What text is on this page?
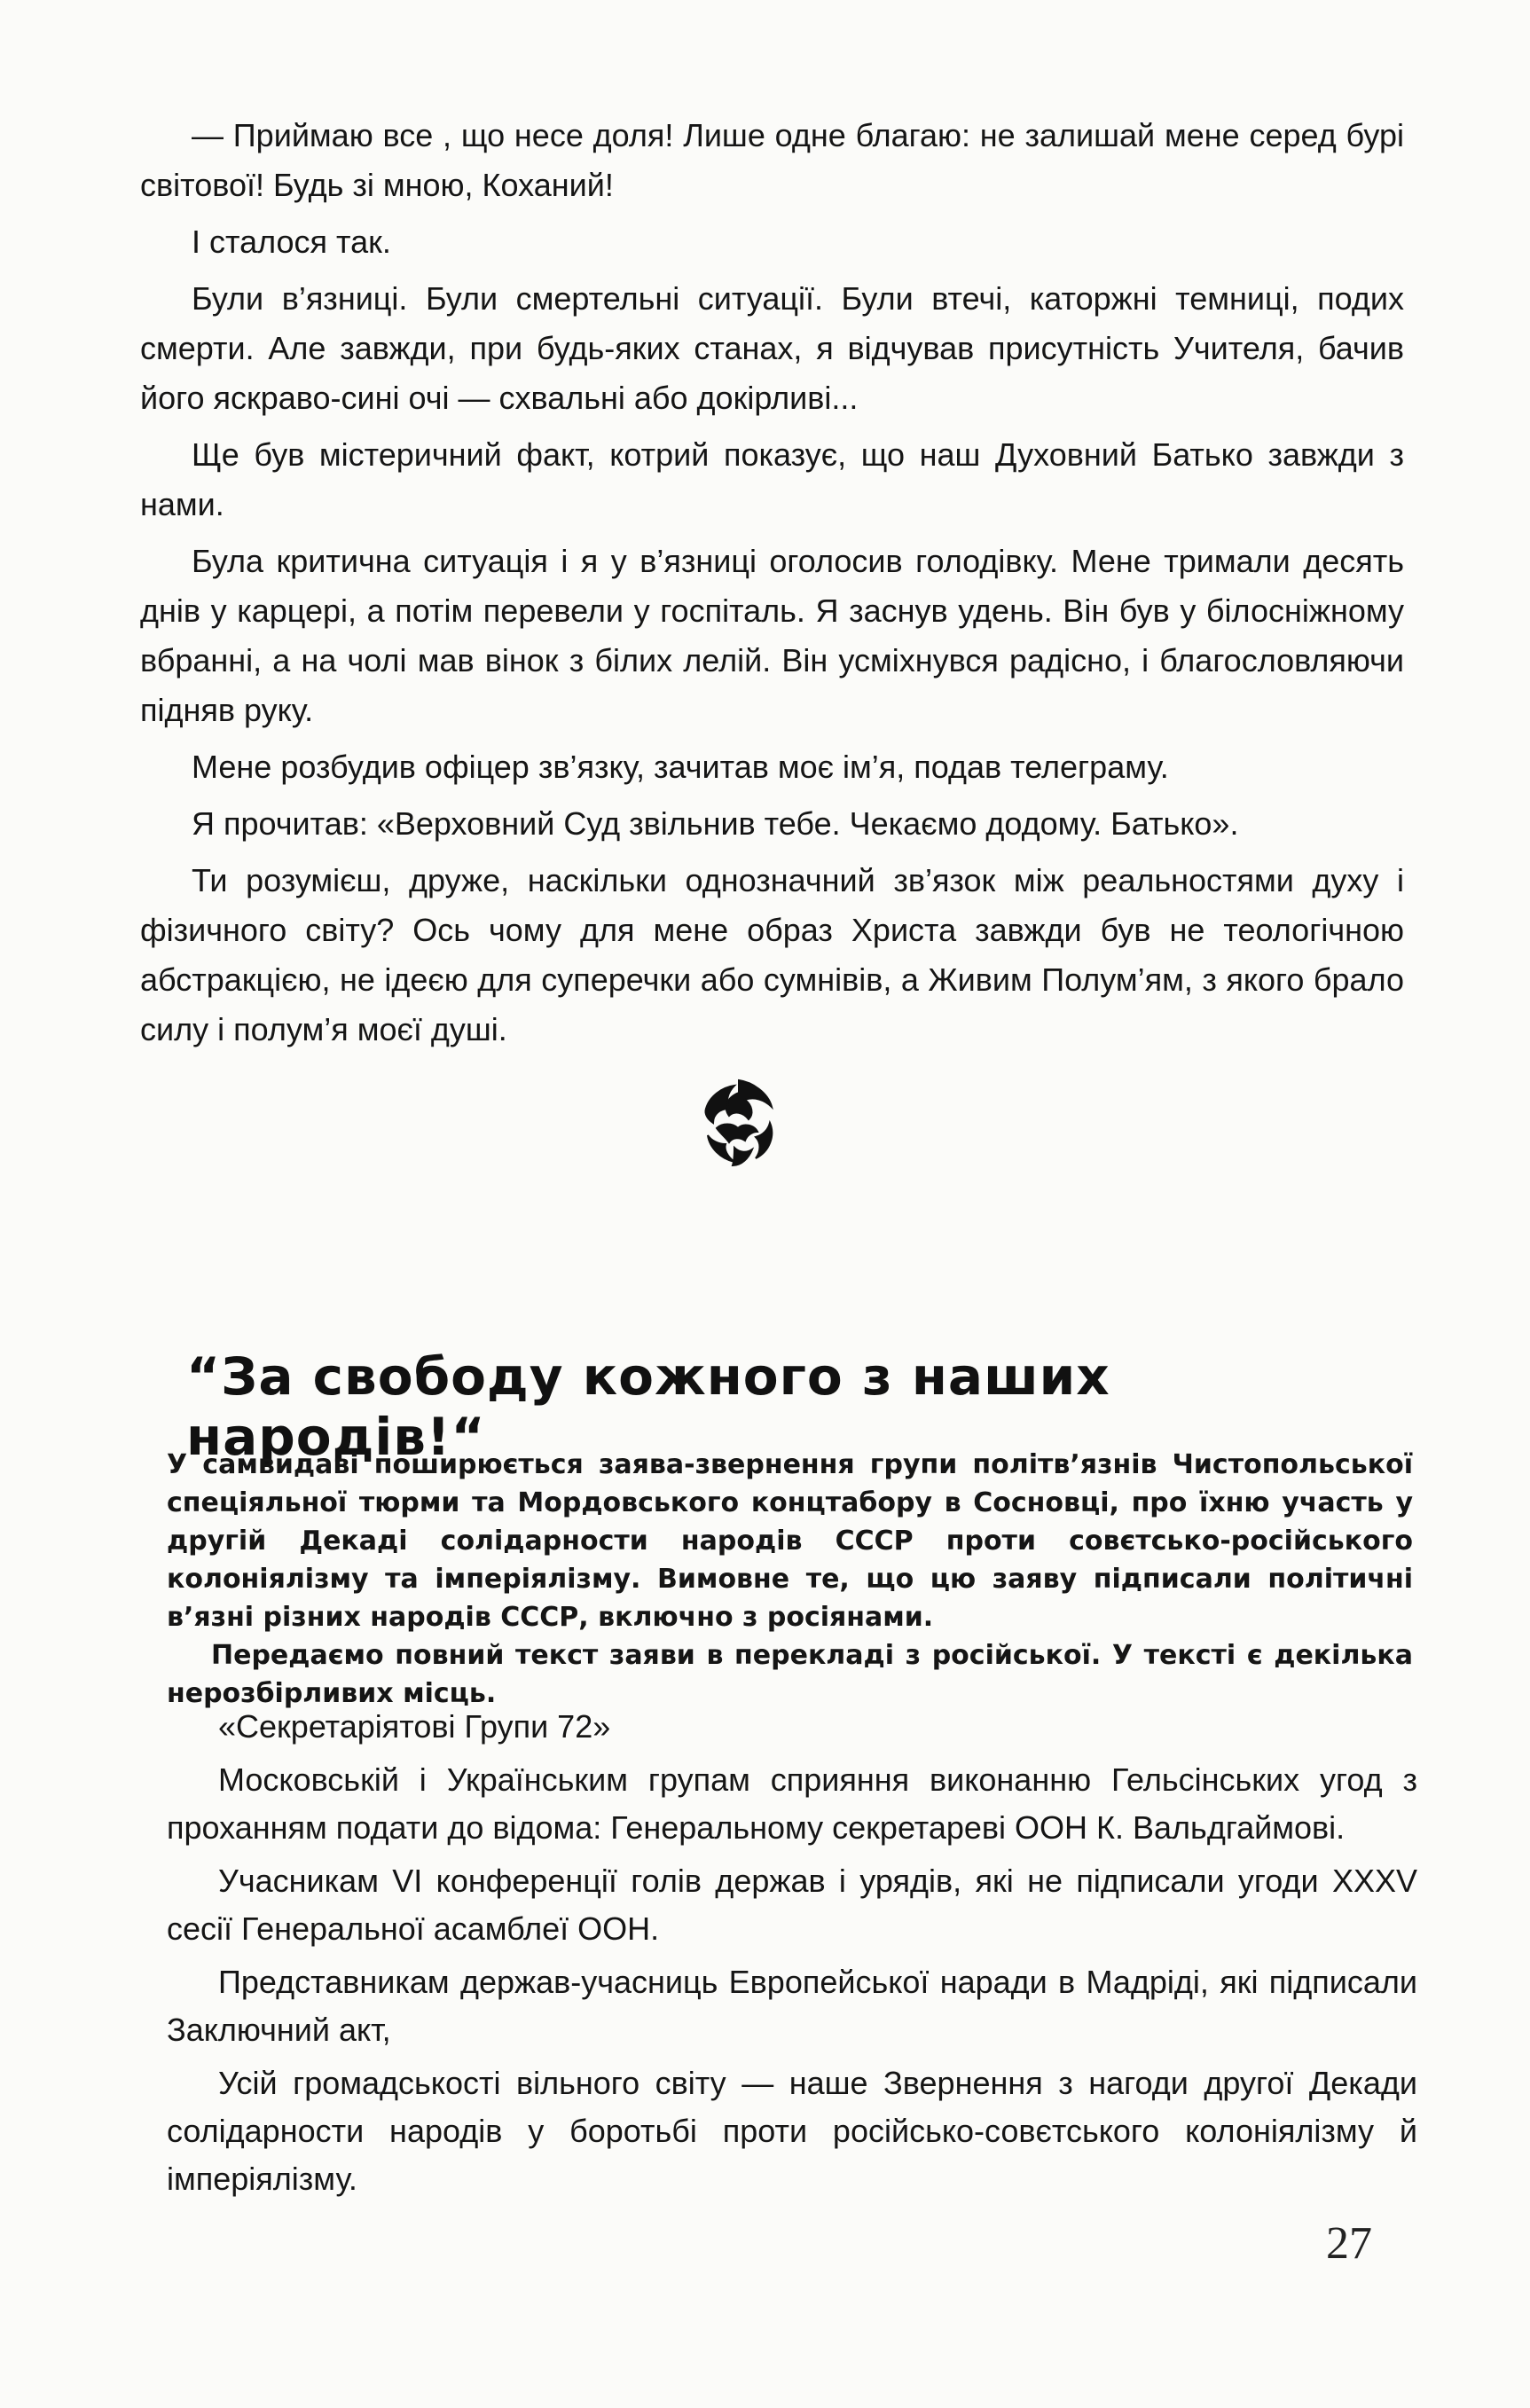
— Приймаю все , що несе доля! Лише одне благаю: не залишай мене серед бурі світової! Будь зі мною, Коханий!

І сталося так.

Були в’язниці. Були смертельні ситуації. Були втечі, каторжні темниці, подих смерти. Але завжди, при будь-яких станах, я відчував присутність Учителя, бачив його яскраво-сині очі — схвальні або докірливі...

Ще був містеричний факт, котрий показує, що наш Духовний Батько завжди з нами.

Була критична ситуація і я у в’язниці оголосив голодівку. Мене тримали десять днів у карцері, а потім перевели у госпіталь. Я заснув удень. Він був у білосніжному вбранні, а на чолі мав вінок з білих лелій. Він усміхнувся радісно, і благословляючи підняв руку.

Мене розбудив офіцер зв’язку, зачитав моє ім’я, подав телеграму.

Я прочитав: «Верховний Суд звільнив тебе. Чекаємо додому. Батько».

Ти розумієш, друже, наскільки однозначний зв’язок між реальностями духу і фізичного світу? Ось чому для мене образ Христа завжди був не теологічною абстракцією, не ідеєю для суперечки або сумнівів, а Живим Полум’ям, з якого брало силу і полум’я моєї душі.

“За свободу кожного з наших народів!“

У самвидаві поширюється заява-звернення групи політв’язнів Чистопольської спеціяльної тюрми та Мордовського концтабору в Сосновці, про їхню участь у другій Декаді солідарности народів СССР проти совєтсько-російського колоніялізму та імперіялізму. Вимовне те, що цю заяву підписали політичні в’язні різних народів СССР, включно з росіянами.

Передаємо повний текст заяви в перекладі з російської. У тексті є декілька нерозбірливих місць.

«Секретаріятові Групи 72»

Московській і Українським групам сприяння виконанню Гельсінських угод з проханням подати до відома: Генеральному секретареві ООН К. Вальдгаймові.

Учасникам VI конференції голів держав і урядів, які не підписали угоди XXXV сесії Генеральної асамблеї ООН.

Представникам держав-учасниць Европейської наради в Мадріді, які підписали Заключний акт,

Усій громадськості вільного світу — наше Звернення з нагоди другої Декади солідарности народів у боротьбі проти російсько-совєтського колоніялізму й імперіялізму.

27
